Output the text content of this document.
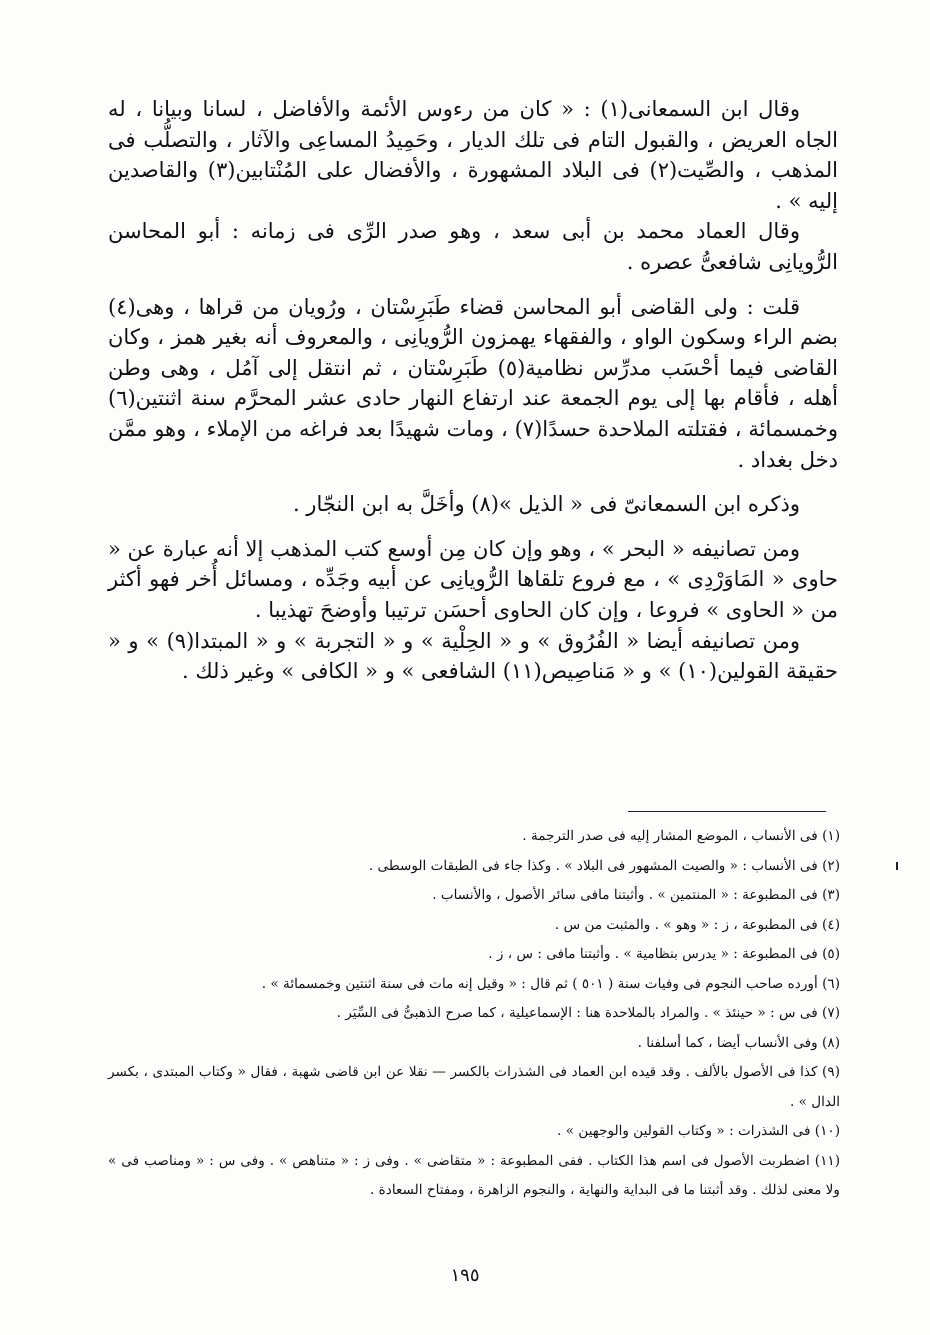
وقال ابن السمعانى(١) : « كان من رءوس الأئمة والأفاضل ، لسانا وبيانا ، له الجاه العريض ، والقبول التام فى تلك الديار ، وحَمِيدُ المساعِى والآثار ، والتصلُّب فى المذهب ، والصِّيت(٢) فى البلاد المشهورة ، والأفضال على المُنْتابين(٣) والقاصدين إليه » .

وقال العماد محمد بن أبى سعد ، وهو صدر الرِّى فى زمانه : أبو المحاسن الرُّويانِى شافعىُّ عصره .

قلت : ولى القاضى أبو المحاسن قضاء طَبَرِسْتان ، ورُويان من قراها ، وهى(٤) بضم الراء وسكون الواو ، والفقهاء يهمزون الرُّويانِى ، والمعروف أنه بغير همز ، وكان القاضى فيما أحْسَب مدرِّس نظامية(٥) طَبَرِسْتان ، ثم انتقل إلى آمُل ، وهى وطن أهله ، فأقام بها إلى يوم الجمعة عند ارتفاع النهار حادى عشر المحرَّم سنة اثنتين(٦) وخمسمائة ، فقتلته الملاحدة حسدًا(٧) ، ومات شهيدًا بعد فراغه من الإملاء ، وهو ممَّن دخل بغداد .

وذكره ابن السمعانىّ فى « الذيل »(٨) وأخَلَّ به ابن النجّار .

ومن تصانيفه « البحر » ، وهو وإن كان مِن أوسع كتب المذهب إلا أنه عبارة عن « حاوى « المَاوَرْدِى » ، مع فروع تلقاها الرُّويانِى عن أبيه وجَدِّه ، ومسائل أُخر فهو أكثر من « الحاوى » فروعا ، وإن كان الحاوى أحسَن ترتيبا وأوضحَ تهذيبا .

ومن تصانيفه أيضا « الفُرُوق » و « الحِلْية » و « التجربة » و « المبتدا(٩) » و « حقيقة القولين(١٠) » و « مَناصِيص(١١) الشافعى » و « الكافى » وغير ذلك .

(١) فى الأنساب ، الموضع المشار إليه فى صدر الترجمة .

(٢) فى الأنساب : « والصيت المشهور فى البلاد » . وكذا جاء فى الطبقات الوسطى .

(٣) فى المطبوعة : « المنتمين » . وأثبتنا مافى سائر الأصول ، والأنساب .

(٤) فى المطبوعة ، ز : « وهو » . والمثبت من س .

(٥) فى المطبوعة : « يدرس بنظامية » . وأثبتنا مافى : س ، ز .

(٦) أورده صاحب النجوم فى وفيات سنة ( ٥٠١ ) ثم قال : « وقيل إنه مات فى سنة اثنتين وخمسمائة » .

(٧) فى س : « حينئذ » . والمراد بالملاحدة هنا : الإسماعيلية ، كما صرح الذهبىُّ فى السِّيَر .

(٨) وفى الأنساب أيضا ، كما أسلفنا .

(٩) كذا فى الأصول بالألف . وقد قيده ابن العماد فى الشذرات بالكسر — نقلا عن ابن قاضى شهبة ، فقال « وكتاب المبتدى ، بكسر الدال » .

(١٠) فى الشذرات : « وكتاب القولين والوجهين » .

(١١) اضطربت الأصول فى اسم هذا الكتاب . ففى المطبوعة : « متقاضى » . وفى ز : « متناهص » . وفى س : « ومناصب فى » ولا معنى لذلك . وقد أثبتنا ما فى البداية والنهاية ، والنجوم الزاهرة ، ومفتاح السعادة .

١٩٥
